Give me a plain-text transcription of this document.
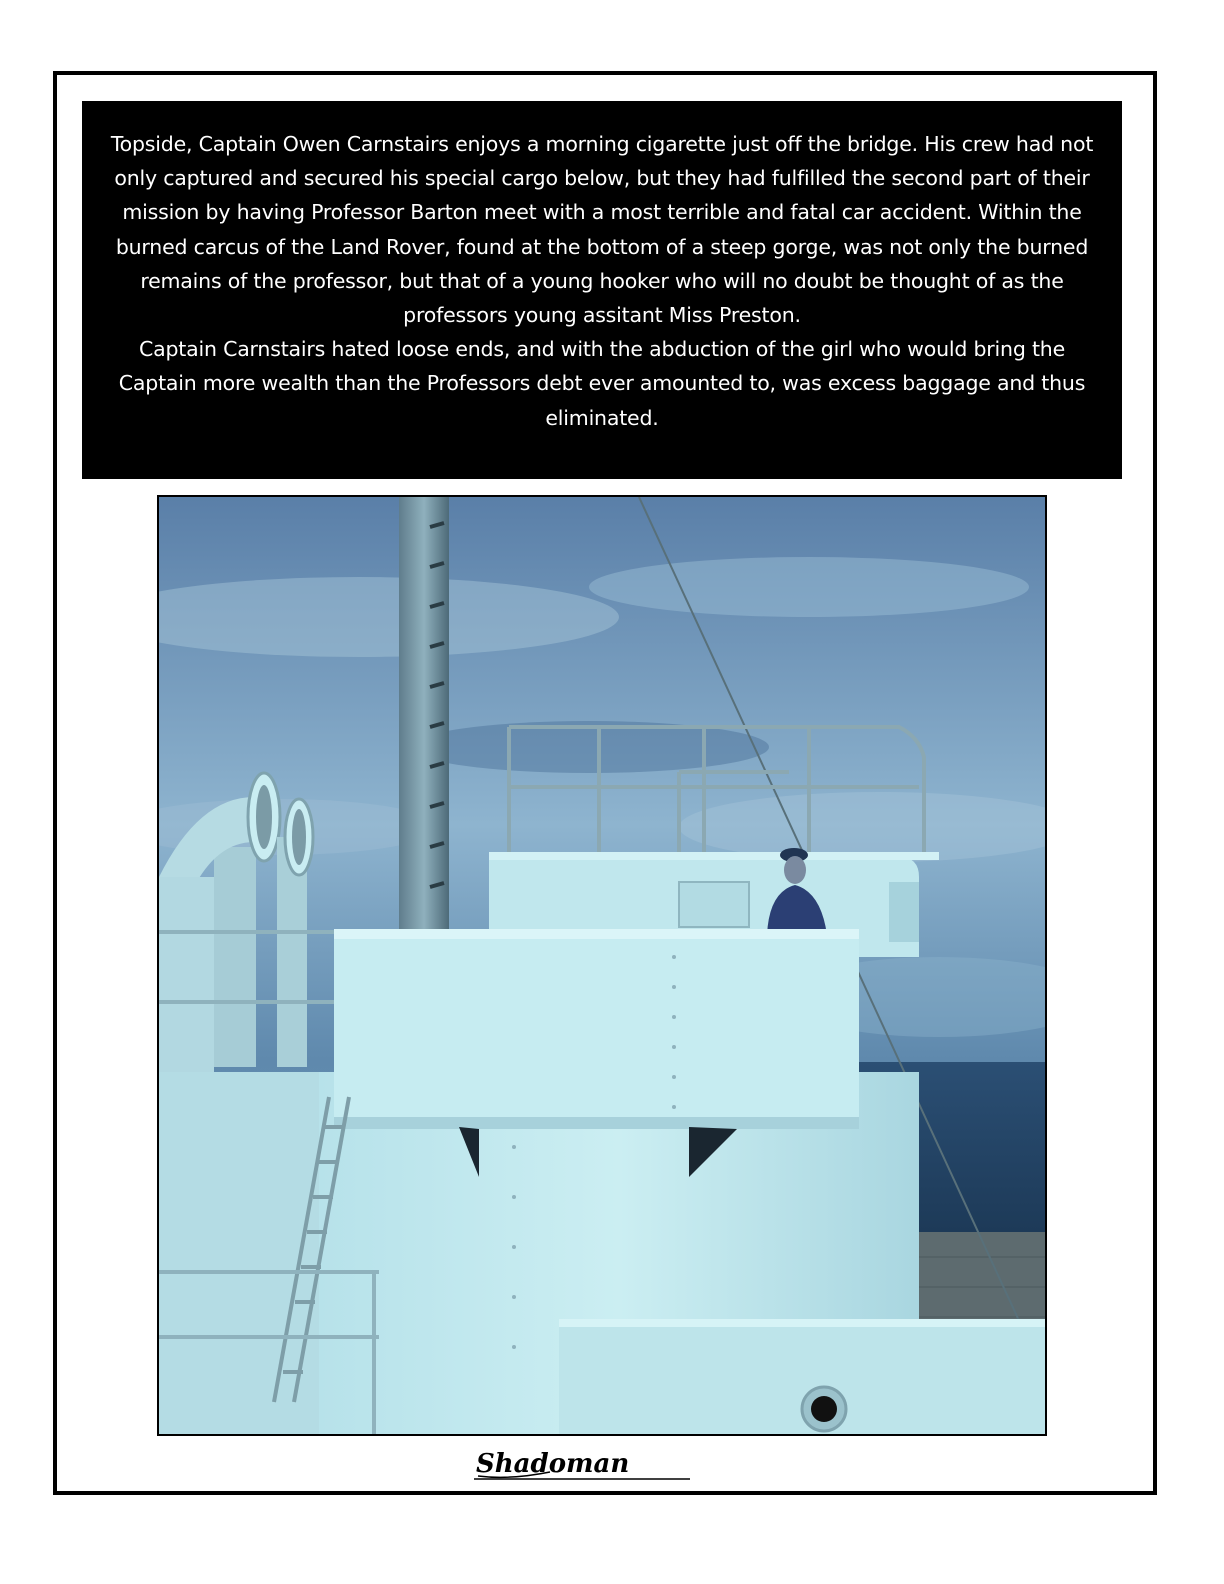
Topside, Captain Owen Carnstairs enjoys a morning cigarette just off the bridge. His crew had not only captured and secured his special cargo below, but they had fulfilled the second part of their mission by having Professor Barton meet with a most terrible and fatal car accident. Within the burned carcus of the Land Rover, found at the bottom of a steep gorge, was not only the burned remains of the professor, but that of a young hooker who will no doubt be thought of as the professors young assitant Miss Preston.

Captain Carnstairs hated loose ends, and with the abduction of the girl who would bring the Captain more wealth than the Professors debt ever amounted to, was excess baggage and thus eliminated.

Shadoman
